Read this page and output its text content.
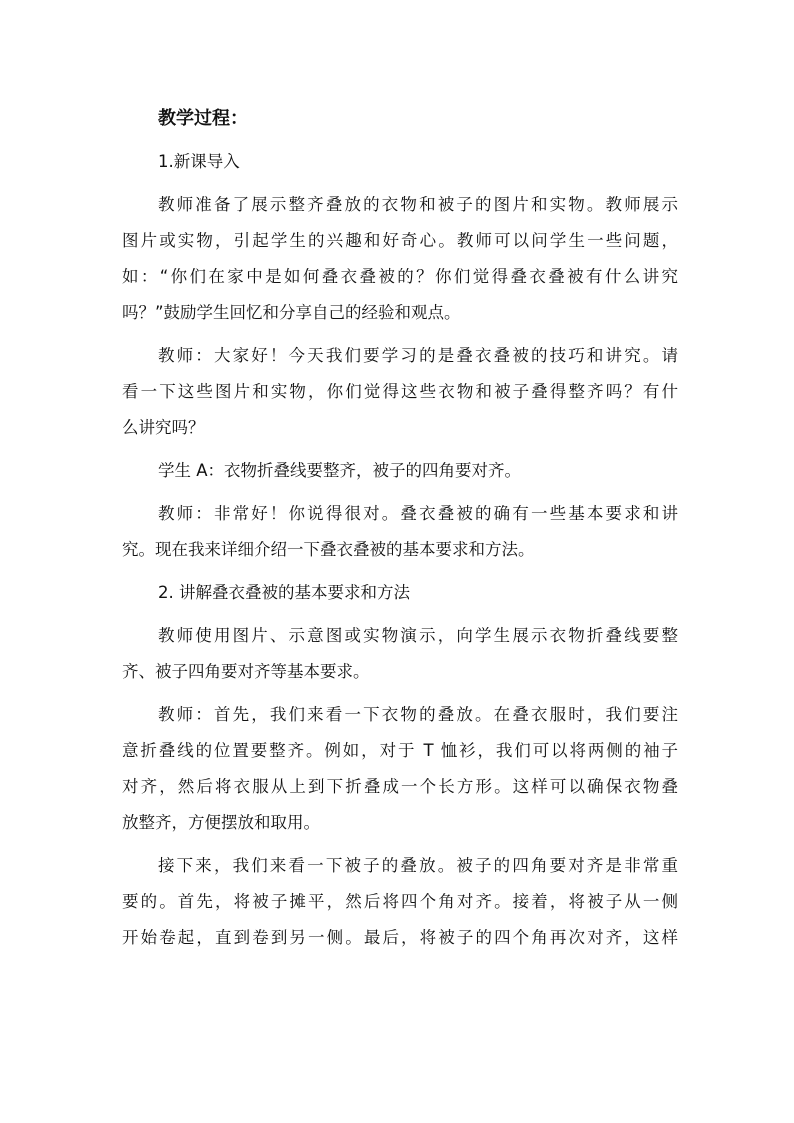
教学过程：

1.新课导入

教师准备了展示整齐叠放的衣物和被子的图片和实物。教师展示
图片或实物，引起学生的兴趣和好奇心。教师可以问学生一些问题，
如：“你们在家中是如何叠衣叠被的？你们觉得叠衣叠被有什么讲究
吗？”鼓励学生回忆和分享自己的经验和观点。

教师：大家好！今天我们要学习的是叠衣叠被的技巧和讲究。请
看一下这些图片和实物，你们觉得这些衣物和被子叠得整齐吗？有什
么讲究吗？

学生 A：衣物折叠线要整齐，被子的四角要对齐。

教师：非常好！你说得很对。叠衣叠被的确有一些基本要求和讲
究。现在我来详细介绍一下叠衣叠被的基本要求和方法。

2. 讲解叠衣叠被的基本要求和方法

教师使用图片、示意图或实物演示，向学生展示衣物折叠线要整
齐、被子四角要对齐等基本要求。

教师：首先，我们来看一下衣物的叠放。在叠衣服时，我们要注
意折叠线的位置要整齐。例如，对于 T 恤衫，我们可以将两侧的袖子
对齐，然后将衣服从上到下折叠成一个长方形。这样可以确保衣物叠
放整齐，方便摆放和取用。

接下来，我们来看一下被子的叠放。被子的四角要对齐是非常重
要的。首先，将被子摊平，然后将四个角对齐。接着，将被子从一侧
开始卷起，直到卷到另一侧。最后，将被子的四个角再次对齐，这样
